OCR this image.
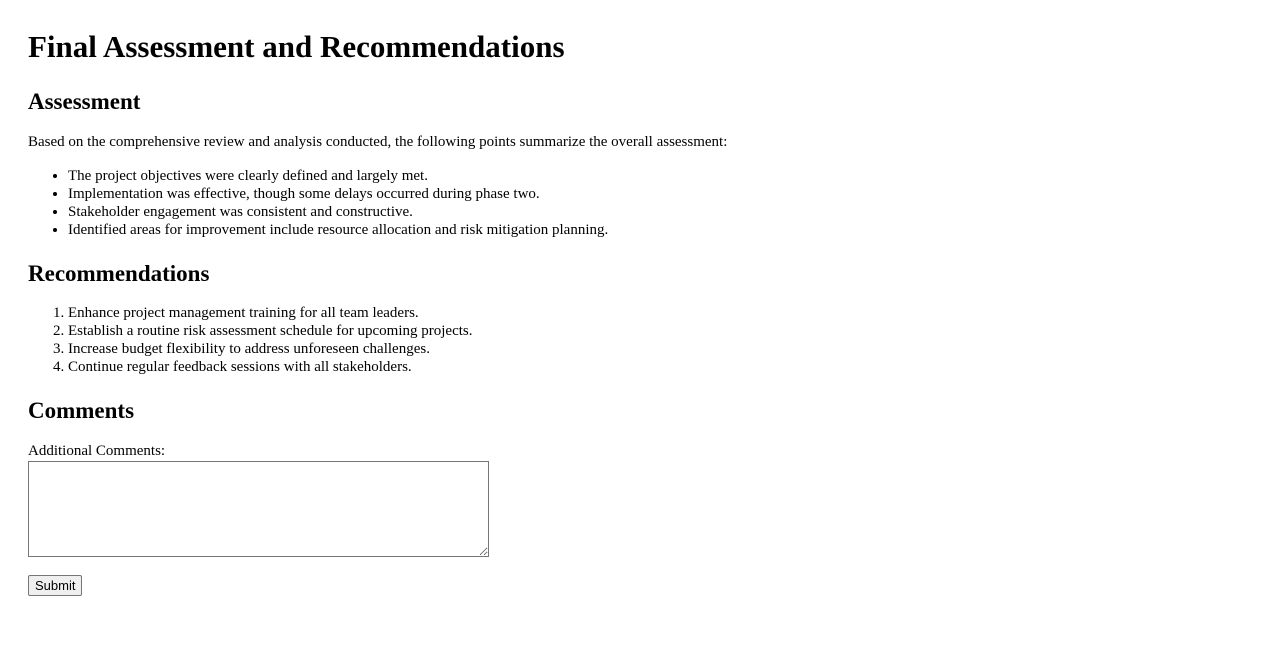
Final Assessment and Recommendations
Assessment

Based on the comprehensive review and analysis conducted, the following points summarize the overall assessment:

• The project objectives were clearly defined and largely met.
• Implementation was effective, though some delays occurred during phase two.
• Stakeholder engagement was consistent and constructive.
• Identified areas for improvement include resource allocation and risk mitigation planning.
Recommendations
1. Enhance project management training for all team leaders.
2. Establish a routine risk assessment schedule for upcoming projects.
3. Increase budget flexibility to address unforeseen challenges.
4. Continue regular feedback sessions with all stakeholders.
Comments
Additional Comments:
Submit
